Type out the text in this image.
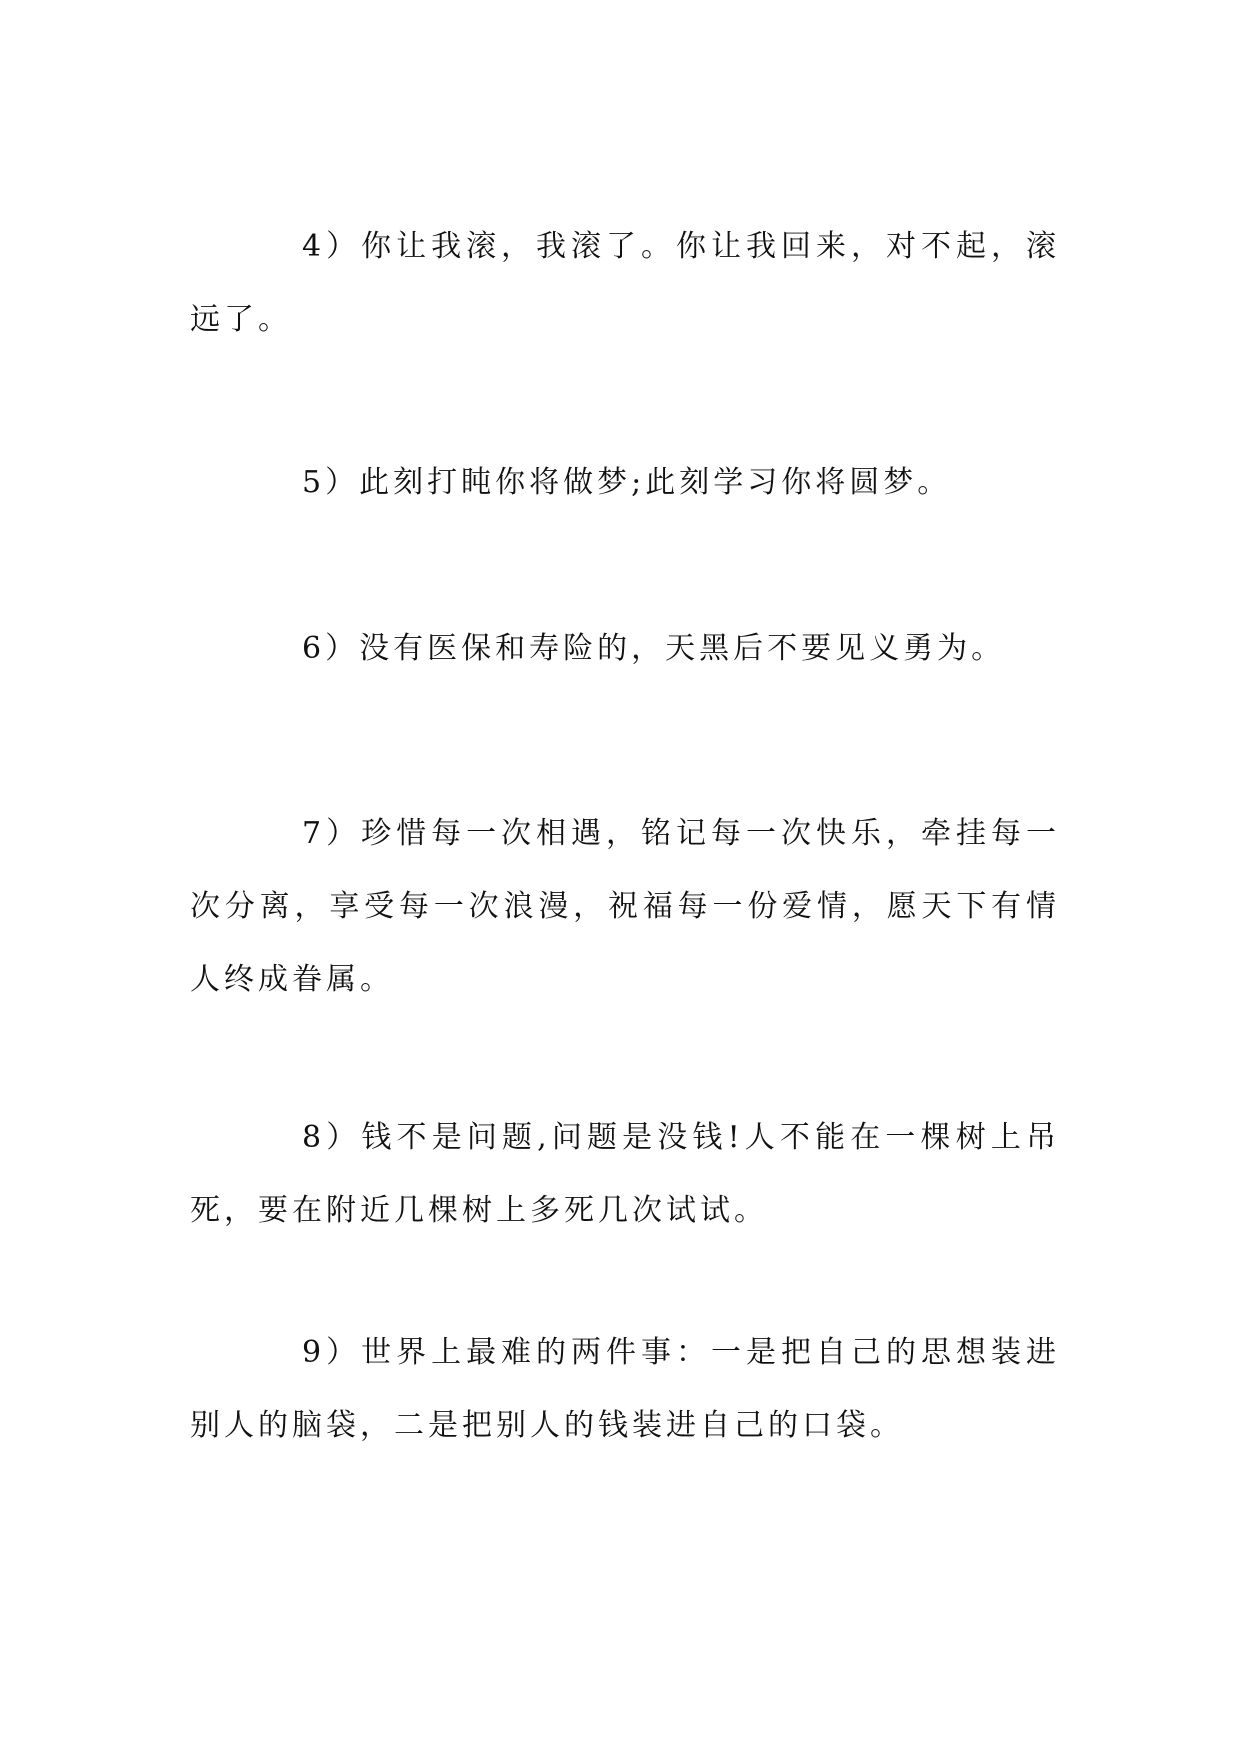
4）你让我滚，我滚了。你让我回来，对不起，滚远了。

5）此刻打盹你将做梦;此刻学习你将圆梦。

6）没有医保和寿险的，天黑后不要见义勇为。

7）珍惜每一次相遇，铭记每一次快乐，牵挂每一次分离，享受每一次浪漫，祝福每一份爱情，愿天下有情人终成眷属。

8）钱不是问题,问题是没钱!人不能在一棵树上吊死，要在附近几棵树上多死几次试试。

9）世界上最难的两件事：一是把自己的思想装进别人的脑袋，二是把别人的钱装进自己的口袋。
